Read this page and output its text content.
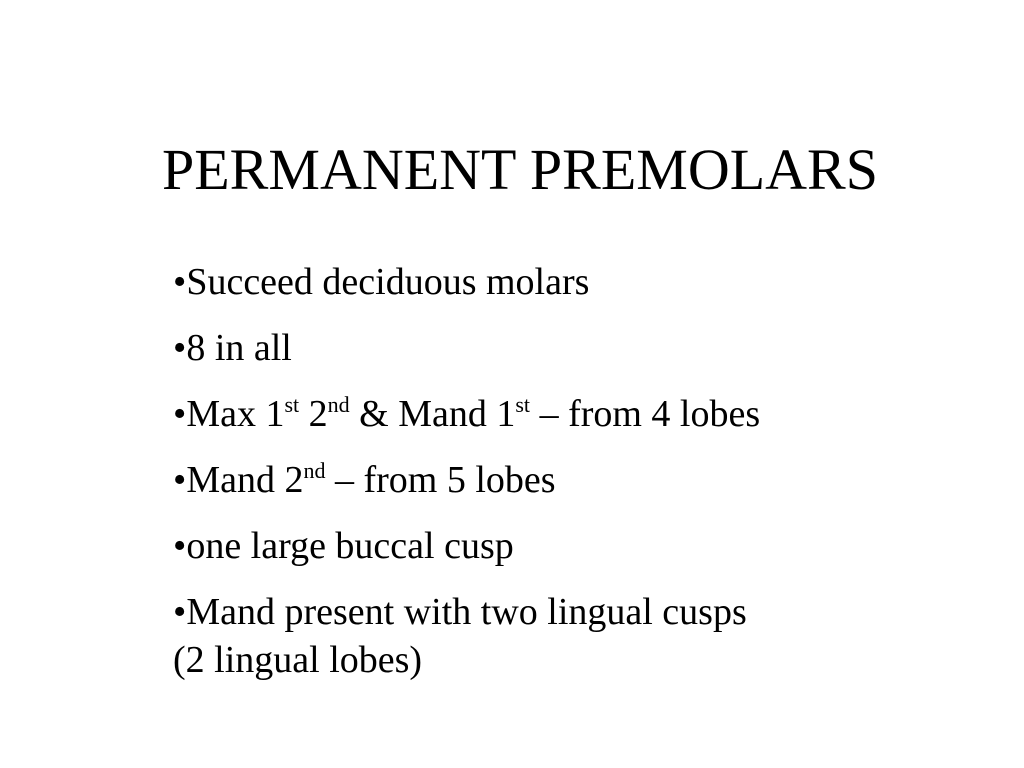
PERMANENT PREMOLARS
•Succeed deciduous molars
•8 in all
•Max 1st 2nd & Mand 1st – from 4 lobes
•Mand 2nd – from 5 lobes
•one large buccal cusp
•Mand present with two lingual cusps
(2 lingual lobes)
